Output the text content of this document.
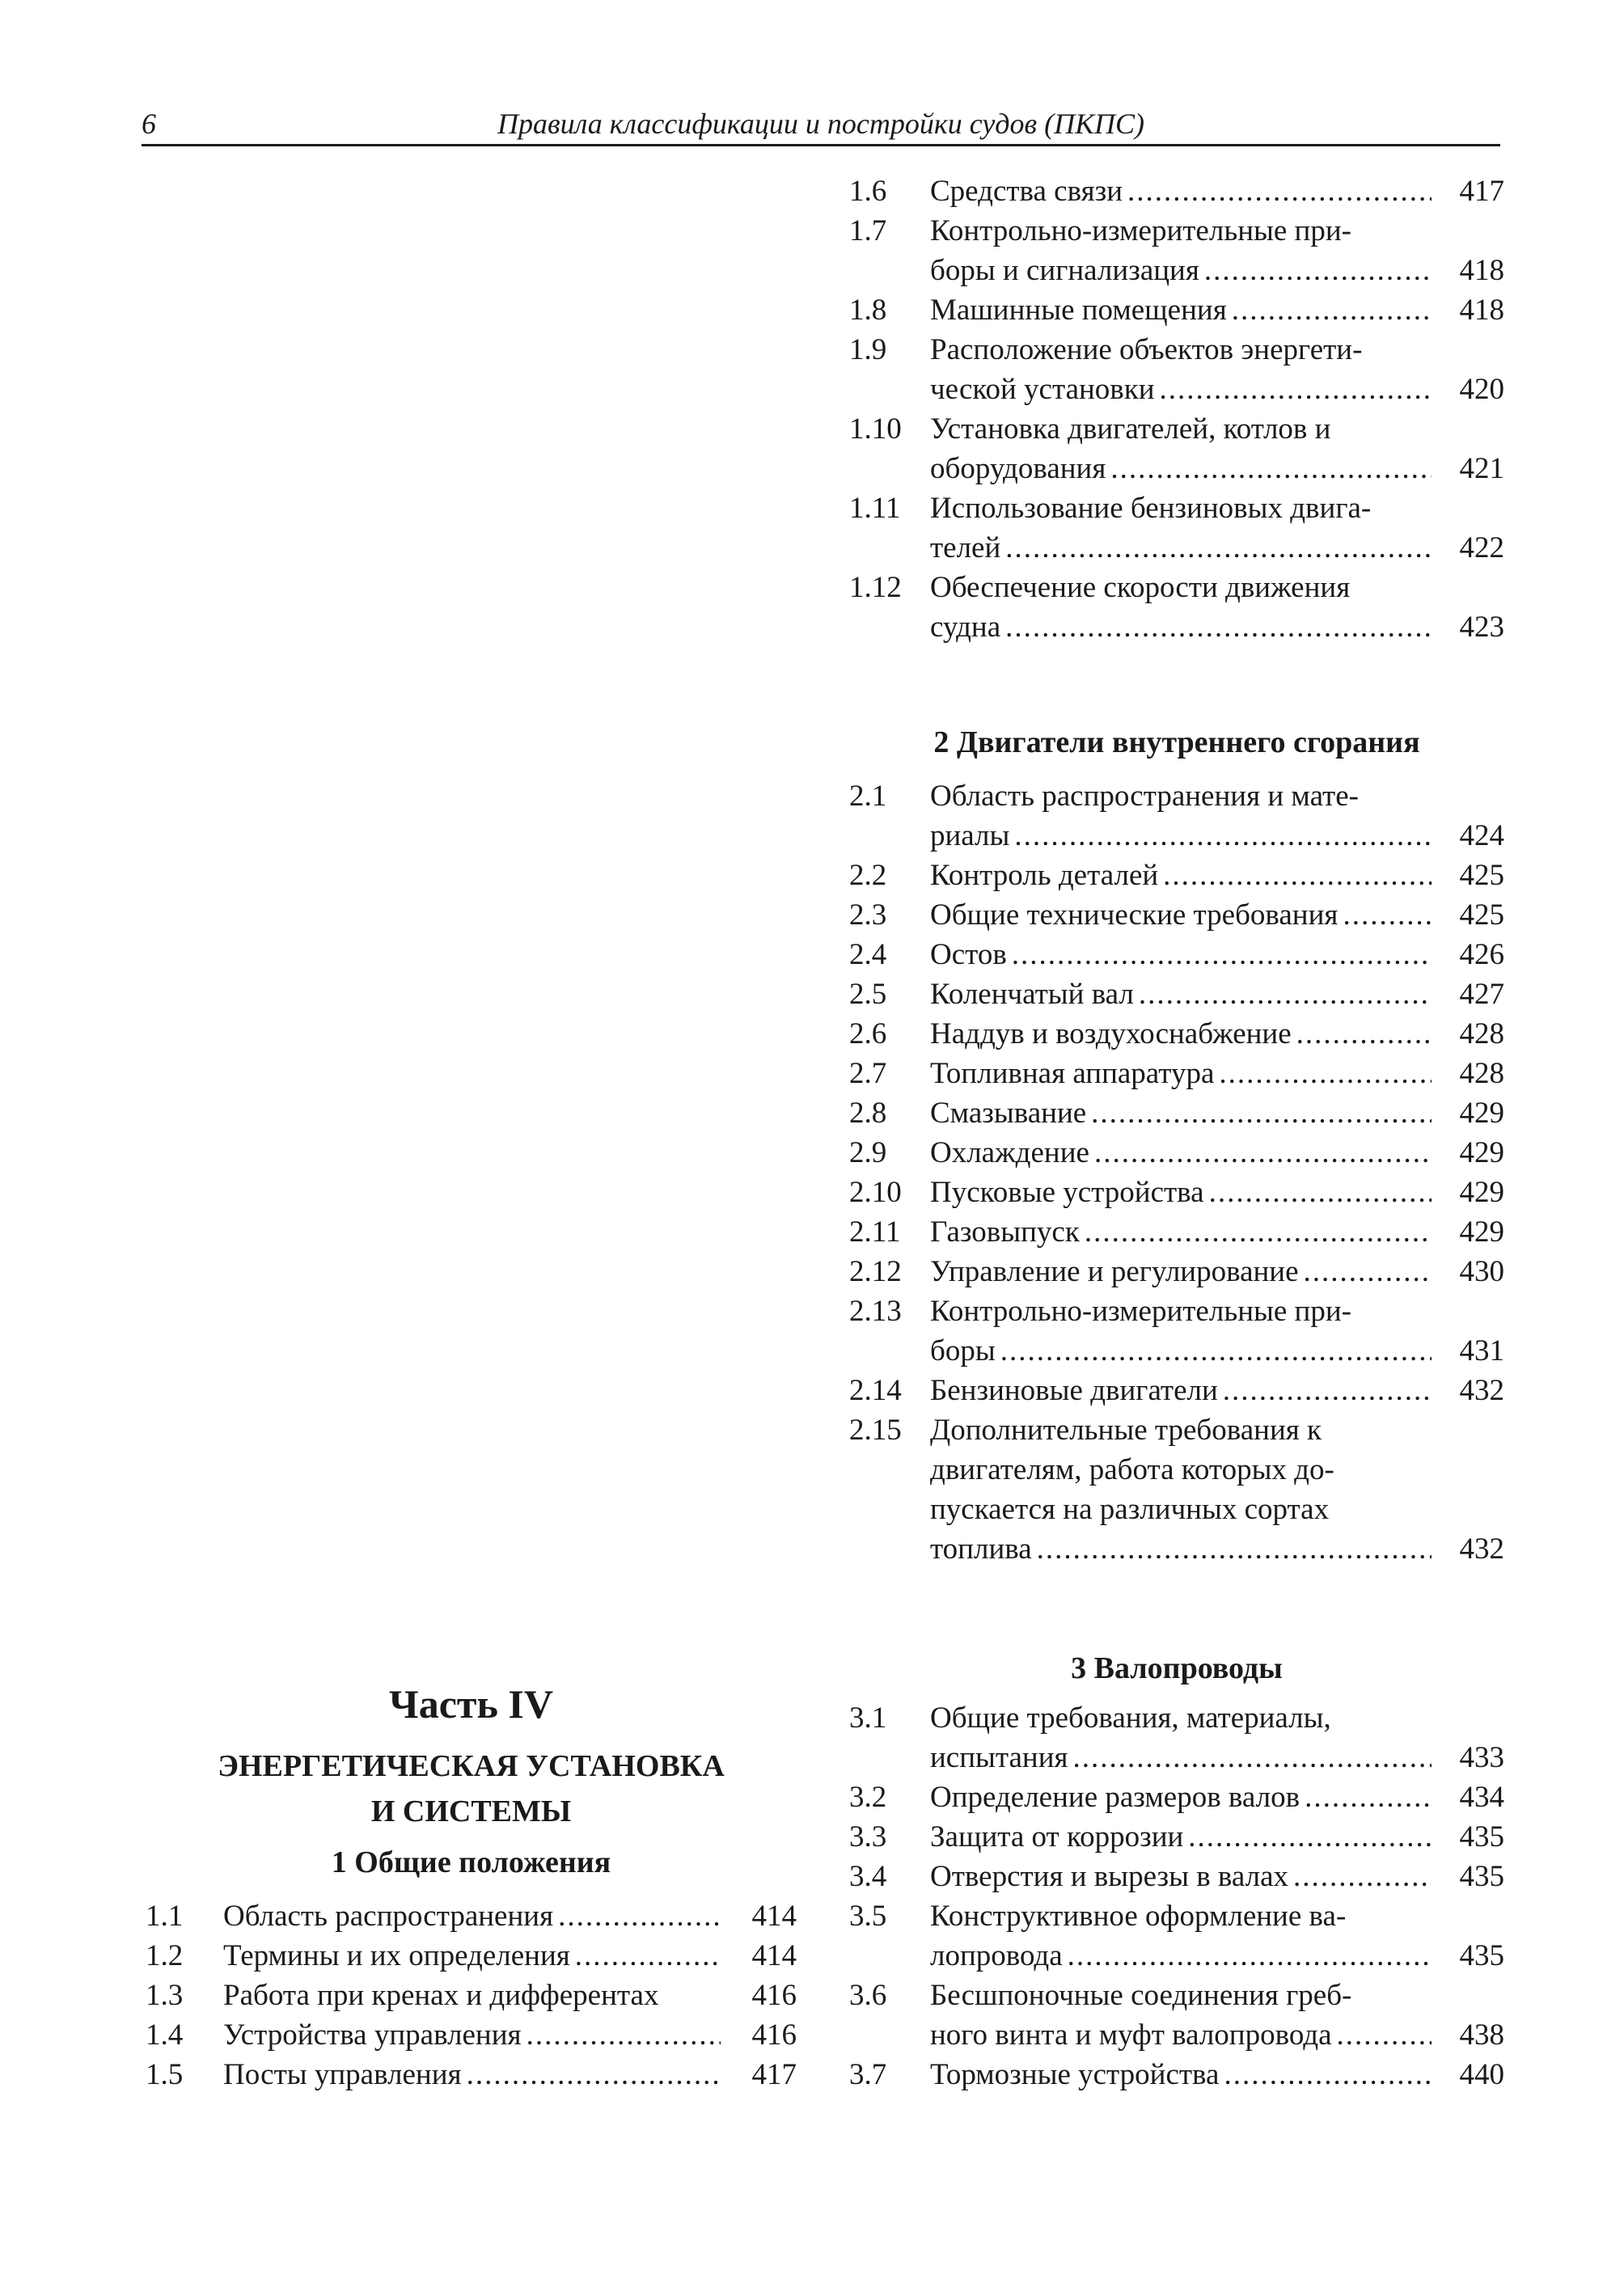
6	Правила классификации и постройки судов (ПКПС)
1.6	Средства связи .....	417
1.7	Контрольно-измерительные при-
боры и сигнализация .....	418
1.8	Машинные помещения .....	418
1.9	Расположение объектов энергети-
ческой установки .....	420
1.10 Установка двигателей, котлов и
оборудования .....	421
1.11 Использование бензиновых двига-
телей .....	422
1.12 Обеспечение скорости движения
судна .....	423
2 Двигатели внутреннего сгорания
2.1	Область распространения и мате-
риалы .....	424
2.2	Контроль деталей .....	425
2.3	Общие технические требования .....	425
2.4	Остов .....	426
2.5	Коленчатый вал .....	427
2.6	Наддув и воздухоснабжение .....	428
2.7	Топливная аппаратура .....	428
2.8	Смазывание .....	429
2.9	Охлаждение .....	429
2.10 Пусковые устройства .....	429
2.11 Газовыпуск .....	429
2.12 Управление и регулирование .....	430
2.13 Контрольно-измерительные при-
боры .....	431
2.14 Бензиновые двигатели .....	432
2.15 Дополнительные требования к
двигателям, работа которых до-
пускается на различных сортах
топлива .....	432
3 Валопроводы
3.1	Общие требования, материалы,
испытания .....	433
3.2	Определение размеров валов .....	434
3.3	Защита от коррозии .....	435
3.4	Отверстия и вырезы в валах .....	435
3.5	Конструктивное оформление ва-
лопровода .....	435
3.6	Бесшпоночные соединения греб-
ного винта и муфт валопровода .....	438
3.7	Тормозные устройства .....	440
Часть IV
ЭНЕРГЕТИЧЕСКАЯ УСТАНОВКА
И СИСТЕМЫ
1 Общие положения
1.1	Область распространения .....	414
1.2	Термины и их определения .....	414
1.3	Работа при кренах и дифферентах	416
1.4	Устройства управления .....	416
1.5	Посты управления .....	417
